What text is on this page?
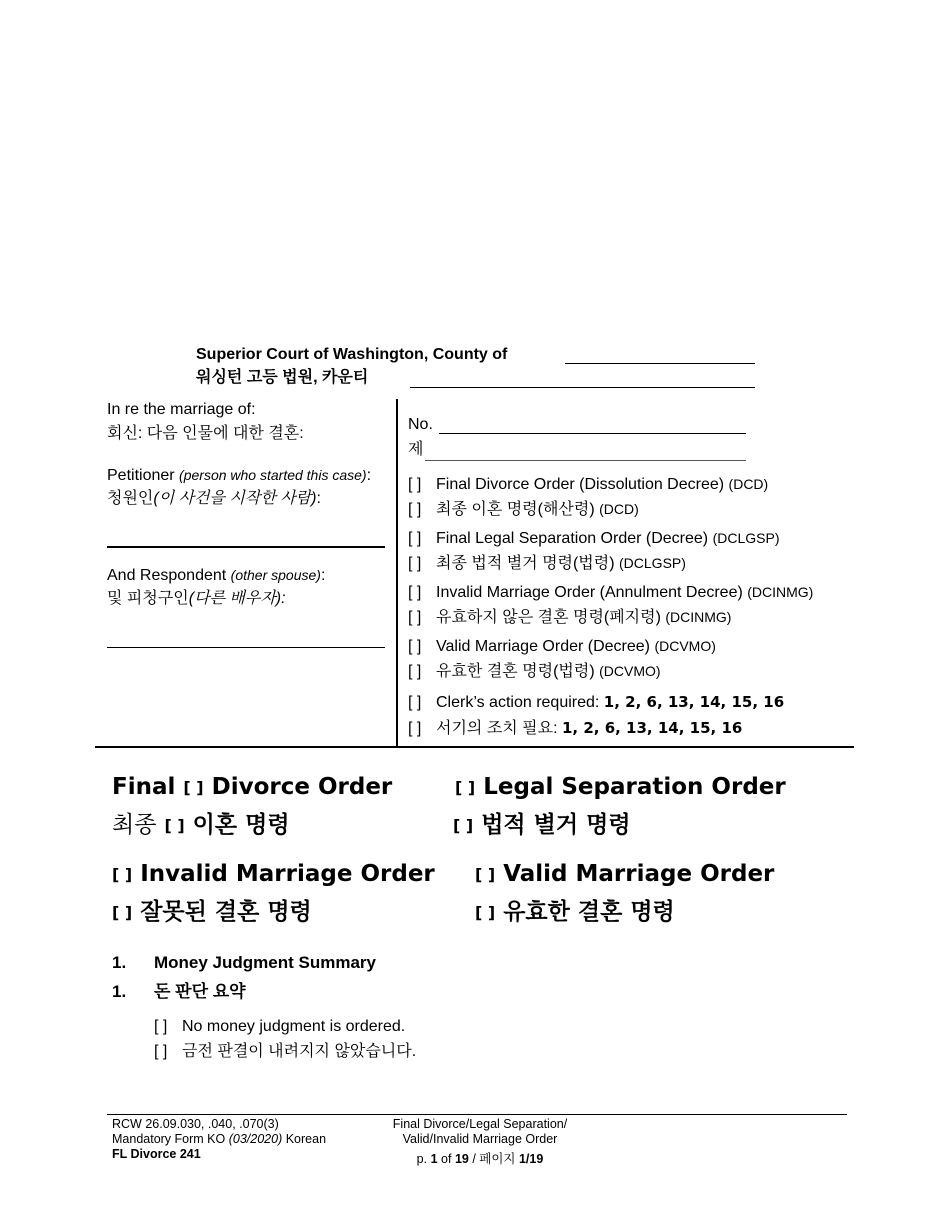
Superior Court of Washington, County of
워싱턴 고등 법원, 카운티
In re the marriage of:
회신: 다음 인물에 대한 결혼:
Petitioner (person who started this case):
청원인(이 사건을 시작한 사람):
And Respondent (other spouse):
및 피청구인(다른 배우자):
No.
제
[ ] Final Divorce Order (Dissolution Decree) (DCD)
[ ] 최종 이혼 명령(해산령) (DCD)
[ ] Final Legal Separation Order (Decree) (DCLGSP)
[ ] 최종 법적 별거 명령(법령) (DCLGSP)
[ ] Invalid Marriage Order (Annulment Decree) (DCINMG)
[ ] 유효하지 않은 결혼 명령(폐지령) (DCINMG)
[ ] Valid Marriage Order (Decree) (DCVMO)
[ ] 유효한 결혼 명령(법령) (DCVMO)
[ ] Clerk’s action required: 1, 2, 6, 13, 14, 15, 16
[ ] 서기의 조치 필요: 1, 2, 6, 13, 14, 15, 16
Final [ ] Divorce Order	[ ] Legal Separation Order
최종 [ ] 이혼 명령	[ ] 법적 별거 명령
[ ] Invalid Marriage Order	[ ] Valid Marriage Order
[ ] 잘못된 결혼 명령	[ ] 유효한 결혼 명령
1. Money Judgment Summary
1. 돈 판단 요약
[ ] No money judgment is ordered.
[ ] 금전 판결이 내려지지 않았습니다.
RCW 26.09.030, .040, .070(3)
Mandatory Form KO (03/2020) Korean
FL Divorce 241
Final Divorce/Legal Separation/
Valid/Invalid Marriage Order
p. 1 of 19 / 페이지 1/19
